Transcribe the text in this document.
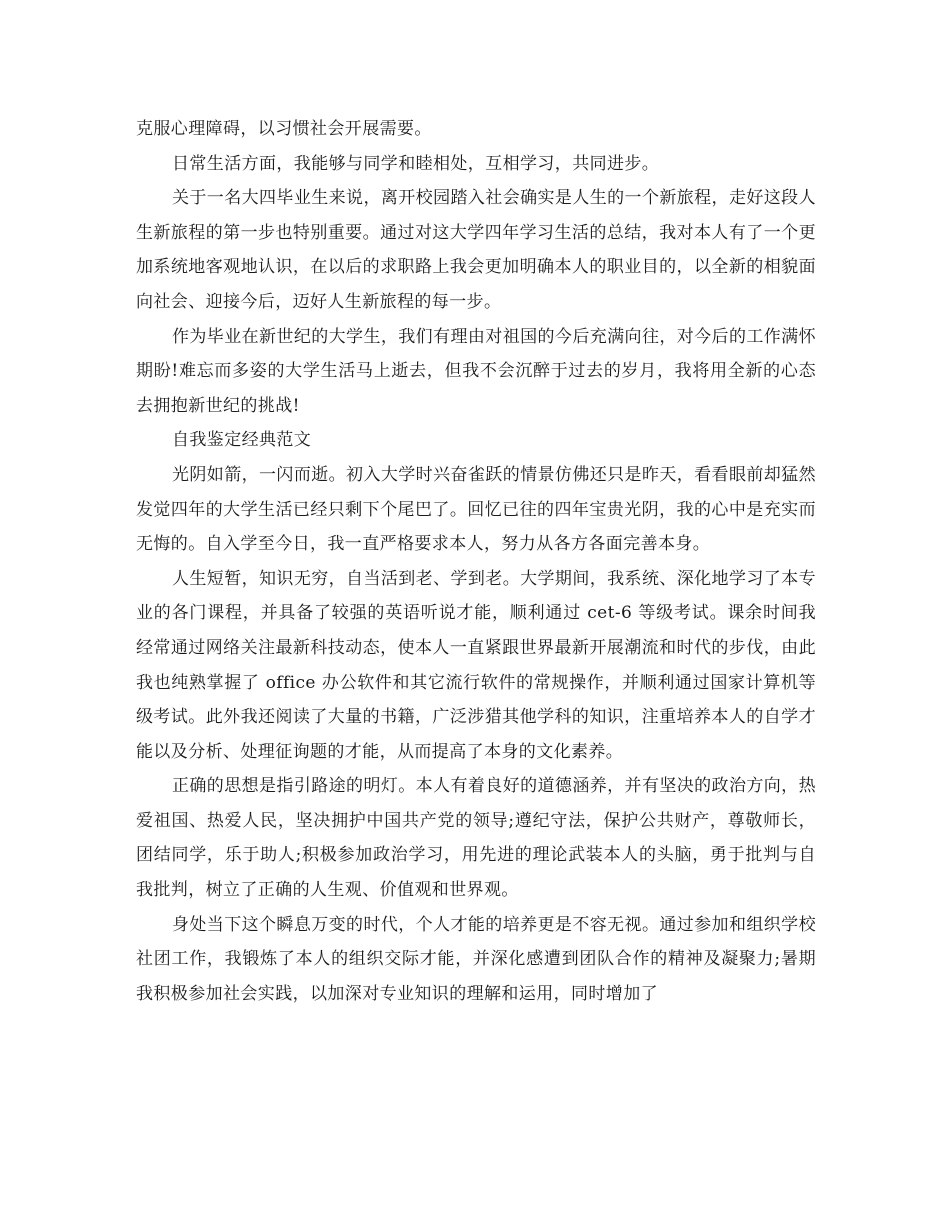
克服心理障碍，以习惯社会开展需要。

日常生活方面，我能够与同学和睦相处，互相学习，共同进步。

关于一名大四毕业生来说，离开校园踏入社会确实是人生的一个新旅程，走好这段人生新旅程的第一步也特别重要。通过对这大学四年学习生活的总结，我对本人有了一个更加系统地客观地认识，在以后的求职路上我会更加明确本人的职业目的，以全新的相貌面向社会、迎接今后，迈好人生新旅程的每一步。

作为毕业在新世纪的大学生，我们有理由对祖国的今后充满向往，对今后的工作满怀期盼!难忘而多姿的大学生活马上逝去，但我不会沉醉于过去的岁月，我将用全新的心态去拥抱新世纪的挑战!

自我鉴定经典范文

光阴如箭，一闪而逝。初入大学时兴奋雀跃的情景仿佛还只是昨天，看看眼前却猛然发觉四年的大学生活已经只剩下个尾巴了。回忆已往的四年宝贵光阴，我的心中是充实而无悔的。自入学至今日，我一直严格要求本人，努力从各方各面完善本身。

人生短暂，知识无穷，自当活到老、学到老。大学期间，我系统、深化地学习了本专业的各门课程，并具备了较强的英语听说才能，顺利通过 cet-6 等级考试。课余时间我经常通过网络关注最新科技动态，使本人一直紧跟世界最新开展潮流和时代的步伐，由此我也纯熟掌握了 office 办公软件和其它流行软件的常规操作，并顺利通过国家计算机等级考试。此外我还阅读了大量的书籍，广泛涉猎其他学科的知识，注重培养本人的自学才能以及分析、处理征询题的才能，从而提高了本身的文化素养。

正确的思想是指引路途的明灯。本人有着良好的道德涵养，并有坚决的政治方向，热爱祖国、热爱人民，坚决拥护中国共产党的领导;遵纪守法，保护公共财产，尊敬师长，团结同学，乐于助人;积极参加政治学习，用先进的理论武装本人的头脑，勇于批判与自我批判，树立了正确的人生观、价值观和世界观。

身处当下这个瞬息万变的时代，个人才能的培养更是不容无视。通过参加和组织学校社团工作，我锻炼了本人的组织交际才能，并深化感遭到团队合作的精神及凝聚力;暑期我积极参加社会实践，以加深对专业知识的理解和运用，同时增加了
